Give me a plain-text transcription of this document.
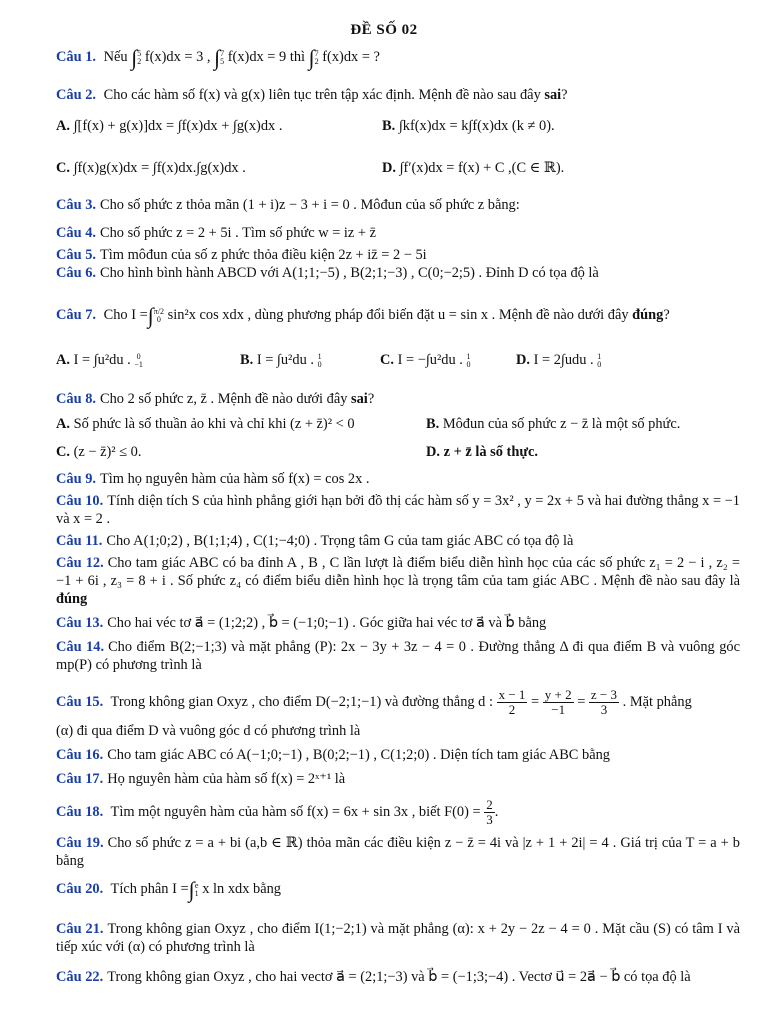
ĐỀ SỐ 02
Câu 1. Nếu ∫5
2 f(x)dx = 3 , ∫7
5 f(x)dx = 9 thì ∫7
2 f(x)dx = ?
Câu 2. Cho các hàm số f(x) và g(x) liên tục trên tập xác định. Mệnh đề nào sau đây sai?
A. ∫[f(x) + g(x)]dx = ∫f(x)dx + ∫g(x)dx .	B. ∫kf(x)dx = k∫f(x)dx (k ≠ 0).
C. ∫f(x)g(x)dx = ∫f(x)dx.∫g(x)dx .	D. ∫f′(x)dx = f(x) + C ,(C ∈ ℝ).
Câu 3. Cho số phức z thỏa mãn (1 + i)z − 3 + i = 0 . Môđun của số phức z bằng:
Câu 4. Cho số phức z = 2 + 5i . Tìm số phức w = iz + z̄
Câu 5. Tìm môđun của số z phức thỏa điều kiện 2z + iz̄ = 2 − 5i
Câu 6. Cho hình bình hành ABCD với A(1;1;−5) , B(2;1;−3) , C(0;−2;5) . Đỉnh D có tọa độ là
Câu 7. Cho I =∫π/2
0 sin²x cos xdx , dùng phương pháp đổi biến đặt u = sin x . Mệnh đề nào dưới đây đúng?
A. I = ∫u²du . 0
−1	B. I = ∫u²du . 1
0	C. I = −∫u²du . 1
0	D. I = 2∫udu . 1
0
Câu 8. Cho 2 số phức z, z̄ . Mệnh đề nào dưới đây sai?
A. Số phức là số thuần ảo khi và chỉ khi (z + z̄)² < 0	B. Môđun của số phức z − z̄ là một số phức.
C. (z − z̄)² ≤ 0.	D. z + z̄ là số thực.
Câu 9. Tìm họ nguyên hàm của hàm số f(x) = cos 2x .
Câu 10. Tính diện tích S của hình phẳng giới hạn bởi đồ thị các hàm số y = 3x² , y = 2x + 5 và hai đường thẳng x = −1 và x = 2 .
Câu 11. Cho A(1;0;2) , B(1;1;4) , C(1;−4;0) . Trọng tâm G của tam giác ABC có tọa độ là
Câu 12. Cho tam giác ABC có ba đỉnh A , B , C lần lượt là điểm biểu diễn hình học của các số phức z₁ = 2 − i , z₂ = −1 + 6i , z₃ = 8 + i . Số phức z₄ có điểm biểu diễn hình học là trọng tâm của tam giác ABC . Mệnh đề nào sau đây là đúng
Câu 13. Cho hai véc tơ a⃗ = (1;2;2) , b⃗ = (−1;0;−1) . Góc giữa hai véc tơ a⃗ và b⃗ bằng
Câu 14. Cho điểm B(2;−1;3) và mặt phẳng (P): 2x − 3y + 3z − 4 = 0 . Đường thẳng Δ đi qua điểm B và vuông góc mp(P) có phương trình là
Câu 15. Trong không gian Oxyz , cho điểm D(−2;1;−1) và đường thẳng d : $\frac{x - 1}{2} = \frac{y + 2}{-1} = \frac{z - 3}{3}$ . Mặt phẳng
(α) đi qua điểm D và vuông góc d có phương trình là
Câu 16. Cho tam giác ABC có A(−1;0;−1) , B(0;2;−1) , C(1;2;0) . Diện tích tam giác ABC bằng
Câu 17. Họ nguyên hàm của hàm số f(x) = 2ˣ⁺¹ là
Câu 18. Tìm một nguyên hàm của hàm số f(x) = 6x + sin 3x , biết $F(0) = \frac{2}{3}$ .
Câu 19. Cho số phức z = a + bi (a,b ∈ ℝ) thỏa mãn các điều kiện z − z̄ = 4i và |z + 1 + 2i| = 4 . Giá trị của T = a + b bằng
Câu 20. Tích phân I =∫e
1 x ln xdx bằng
Câu 21. Trong không gian Oxyz , cho điểm I(1;−2;1) và mặt phẳng (α): x + 2y − 2z − 4 = 0 . Mặt cầu (S) có tâm I và tiếp xúc với (α) có phương trình là
Câu 22. Trong không gian Oxyz , cho hai vectơ a⃗ = (2;1;−3) và b⃗ = (−1;3;−4) . Vectơ u⃗ = 2a⃗ − b⃗ có tọa độ là
